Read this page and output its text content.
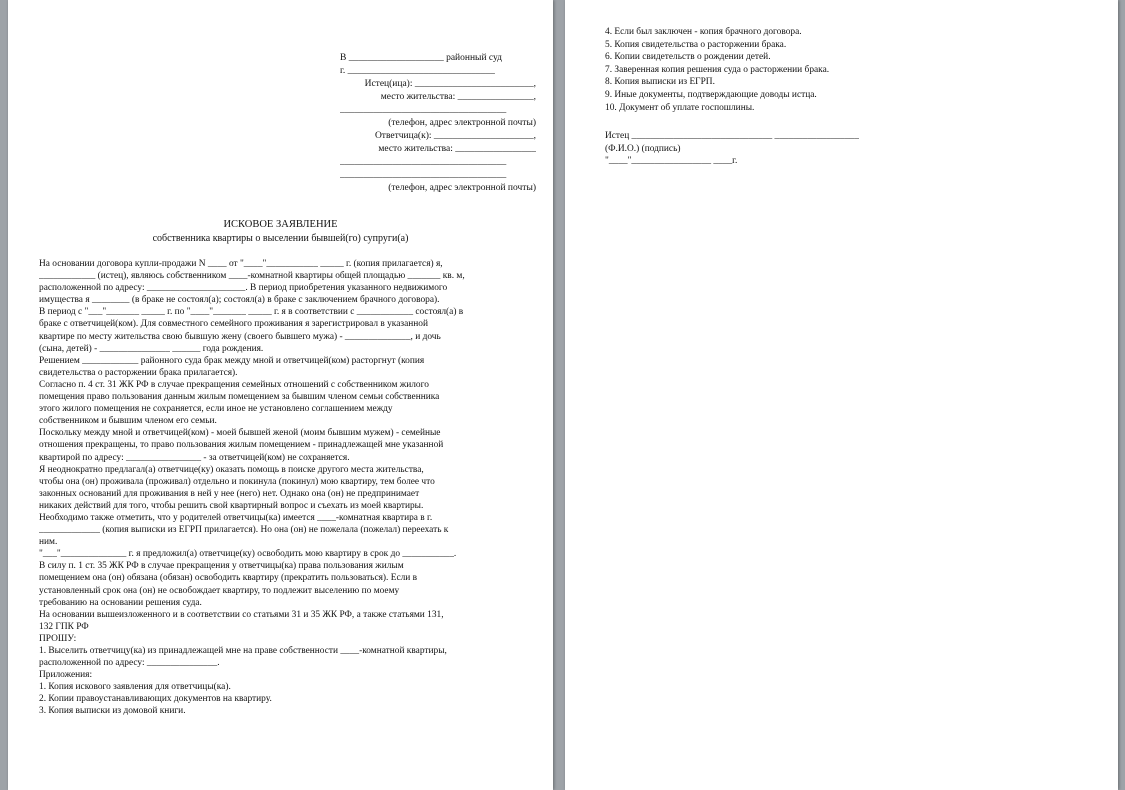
В ____________________ районный суд
г. _______________________________
Истец(ица): _________________________,
место жительства: ________________,
___________________________________
(телефон, адрес электронной почты)
Ответчица(к): _____________________,
место жительства: _________________
___________________________________
___________________________________
(телефон, адрес электронной почты)
ИСКОВОЕ ЗАЯВЛЕНИЕ
собственника квартиры о выселении бывшей(го) супруги(а)
На основании договора купли-продажи N ____ от "____"___________ _____ г. (копия прилагается) я,
____________ (истец), являюсь собственником ____-комнатной квартиры общей площадью _______ кв. м,
расположенной по адресу: _____________________. В период приобретения указанного недвижимого
имущества я ________ (в браке не состоял(а); состоял(а) в браке с заключением брачного договора).
В период с "___"_______ _____ г. по "____"_______ _____ г. я в соответствии с ____________ состоял(а) в
браке с ответчицей(ком). Для совместного семейного проживания я зарегистрировал в указанной
квартире по месту жительства свою бывшую жену (своего бывшего мужа) - ______________, и дочь
(сына, детей) - _______________ ______ года рождения.
Решением ____________ районного суда брак между мной и ответчицей(ком) расторгнут (копия
свидетельства о расторжении брака прилагается).
Согласно п. 4 ст. 31 ЖК РФ в случае прекращения семейных отношений с собственником жилого
помещения право пользования данным жилым помещением за бывшим членом семьи собственника
этого жилого помещения не сохраняется, если иное не установлено соглашением между
собственником и бывшим членом его семьи.
Поскольку между мной и ответчицей(ком) - моей бывшей женой (моим бывшим мужем) - семейные
отношения прекращены, то право пользования жилым помещением - принадлежащей мне указанной
квартирой по адресу: ________________ - за ответчицей(ком) не сохраняется.
Я неоднократно предлагал(а) ответчице(ку) оказать помощь в поиске другого места жительства,
чтобы она (он) проживала (проживал) отдельно и покинула (покинул) мою квартиру, тем более что
законных оснований для проживания в ней у нее (него) нет. Однако она (он) не предпринимает
никаких действий для того, чтобы решить свой квартирный вопрос и съехать из моей квартиры.
Необходимо также отметить, что у родителей ответчицы(ка) имеется ____-комнатная квартира в г.
_____________ (копия выписки из ЕГРП прилагается). Но она (он) не пожелала (пожелал) переехать к
ним.
"___"______________ г. я предложил(а) ответчице(ку) освободить мою квартиру в срок до ___________.
В силу п. 1 ст. 35 ЖК РФ в случае прекращения у ответчицы(ка) права пользования жилым
помещением она (он) обязана (обязан) освободить квартиру (прекратить пользоваться). Если в
установленный срок она (он) не освобождает квартиру, то подлежит выселению по моему
требованию на основании решения суда.
На основании вышеизложенного и в соответствии со статьями 31 и 35 ЖК РФ, а также статьями 131,
132 ГПК РФ
ПРОШУ:
1. Выселить ответчицу(ка) из принадлежащей мне на праве собственности ____-комнатной квартиры,
расположенной по адресу: _______________.
Приложения:
1. Копия искового заявления для ответчицы(ка).
2. Копии правоустанавливающих документов на квартиру.
3. Копия выписки из домовой книги.
4. Если был заключен - копия брачного договора.
5. Копия свидетельства о расторжении брака.
6. Копии свидетельств о рождении детей.
7. Заверенная копия решения суда о расторжении брака.
8. Копия выписки из ЕГРП.
9. Иные документы, подтверждающие доводы истца.
10. Документ об уплате госпошлины.
Истец ______________________________ __________________
(Ф.И.О.) (подпись)
"____"_________________ ____г.
